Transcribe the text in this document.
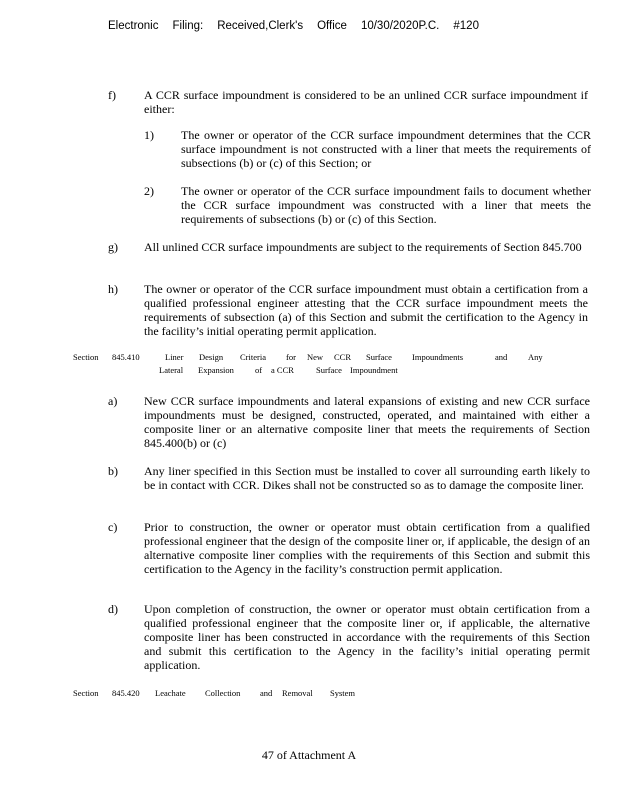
Electronic Filing: Received,Clerk's Office 10/30/2020P.C. #120
f) A CCR surface impoundment is considered to be an unlined CCR surface impoundment if either:
1) The owner or operator of the CCR surface impoundment determines that the CCR surface impoundment is not constructed with a liner that meets the requirements of subsections (b) or (c) of this Section; or
2) The owner or operator of the CCR surface impoundment fails to document whether the CCR surface impoundment was constructed with a liner that meets the requirements of subsections (b) or (c) of this Section.
g) All unlined CCR surface impoundments are subject to the requirements of Section 845.700
h) The owner or operator of the CCR surface impoundment must obtain a certification from a qualified professional engineer attesting that the CCR surface impoundment meets the requirements of subsection (a) of this Section and submit the certification to the Agency in the facility’s initial operating permit application.
Section 845.410	Liner Design Criteria for New CCR Surface Impoundments	and Any
Lateral Expansion of a CCR	Surface Impoundment
a) New CCR surface impoundments and lateral expansions of existing and new CCR surface impoundments must be designed, constructed, operated, and maintained with either a composite liner or an alternative composite liner that meets the requirements of Section 845.400(b) or (c)
b) Any liner specified in this Section must be installed to cover all surrounding earth likely to be in contact with CCR. Dikes shall not be constructed so as to damage the composite liner.
c) Prior to construction, the owner or operator must obtain certification from a qualified professional engineer that the design of the composite liner or, if applicable, the design of an alternative composite liner complies with the requirements of this Section and submit this certification to the Agency in the facility’s construction permit application.
d) Upon completion of construction, the owner or operator must obtain certification from a qualified professional engineer that the composite liner or, if applicable, the alternative composite liner has been constructed in accordance with the requirements of this Section and submit this certification to the Agency in the facility’s initial operating permit application.
Section 845.420 Leachate Collection and Removal System
47 of Attachment A
